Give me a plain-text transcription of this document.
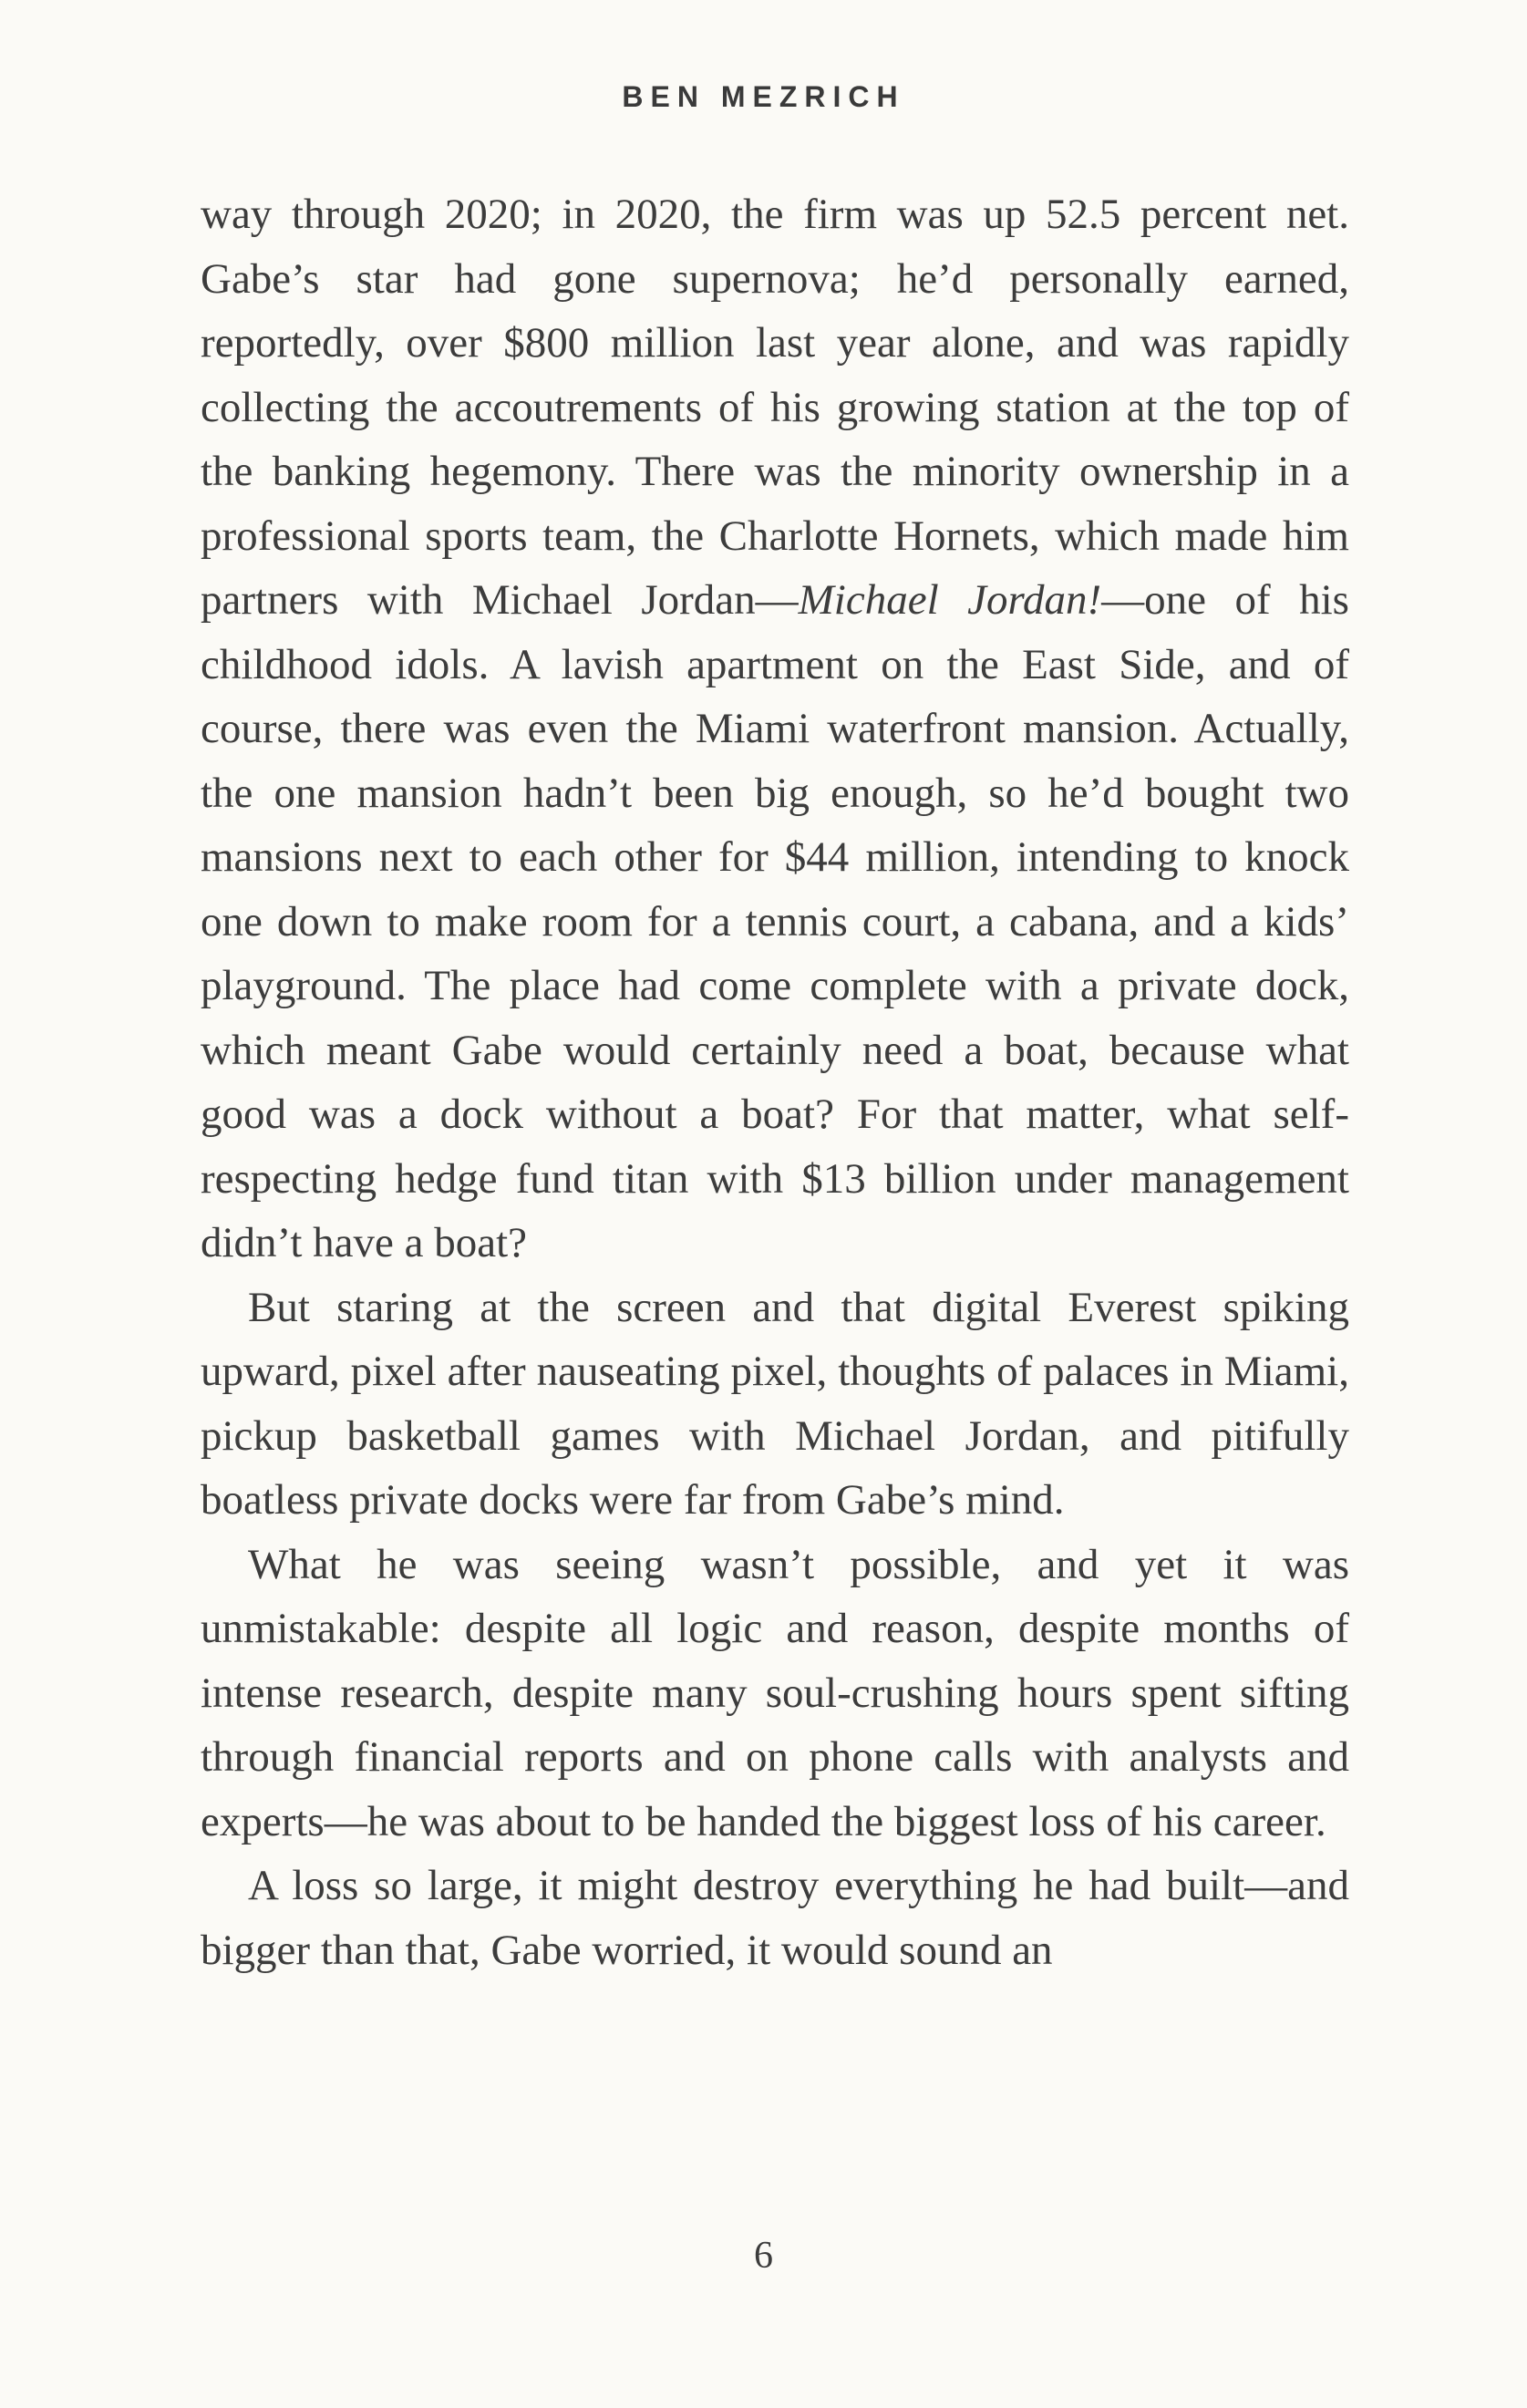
BEN MEZRICH

way through 2020; in 2020, the firm was up 52.5 percent net. Gabe’s star had gone supernova; he’d personally earned, reportedly, over $800 million last year alone, and was rapidly collecting the accoutrements of his growing station at the top of the banking hegemony. There was the minority ownership in a professional sports team, the Charlotte Hornets, which made him partners with Michael Jordan—Michael Jordan!—one of his childhood idols. A lavish apartment on the East Side, and of course, there was even the Miami waterfront mansion. Actually, the one mansion hadn’t been big enough, so he’d bought two mansions next to each other for $44 million, intending to knock one down to make room for a tennis court, a cabana, and a kids’ playground. The place had come complete with a private dock, which meant Gabe would certainly need a boat, because what good was a dock without a boat? For that matter, what self-respecting hedge fund titan with $13 billion under management didn’t have a boat?

But staring at the screen and that digital Everest spiking upward, pixel after nauseating pixel, thoughts of palaces in Miami, pickup basketball games with Michael Jordan, and pitifully boatless private docks were far from Gabe’s mind.

What he was seeing wasn’t possible, and yet it was unmistakable: despite all logic and reason, despite months of intense research, despite many soul-crushing hours spent sifting through financial reports and on phone calls with analysts and experts—he was about to be handed the biggest loss of his career.

A loss so large, it might destroy everything he had built—and bigger than that, Gabe worried, it would sound an

6
